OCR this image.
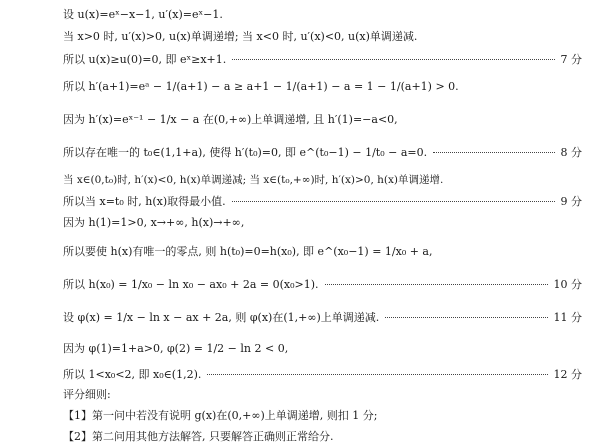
设 u(x)=eˣ−x−1, u′(x)=eˣ−1.
当 x>0 时, u′(x)>0, u(x)单调递增; 当 x<0 时, u′(x)<0, u(x)单调递减.
所以 u(x)≥u(0)=0, 即 eˣ≥x+1.	7 分
所以 h′(a+1)=eᵃ − 1/(a+1) − a ≥ a+1 − 1/(a+1) − a = 1 − 1/(a+1) > 0.
因为 h′(x)=eˣ⁻¹ − 1/x − a 在(0,+∞)上单调递增, 且 h′(1)=−a<0,
所以存在唯一的 t₀∈(1,1+a), 使得 h′(t₀)=0, 即 e^(t₀−1) − 1/t₀ − a=0.	8 分
当 x∈(0,t₀)时, h′(x)<0, h(x)单调递减; 当 x∈(t₀,+∞)时, h′(x)>0, h(x)单调递增.
所以当 x=t₀ 时, h(x)取得最小值.	9 分
因为 h(1)=1>0, x→+∞, h(x)→+∞,
所以要使 h(x)有唯一的零点, 则 h(t₀)=0=h(x₀), 即 e^(x₀−1) = 1/x₀ + a,
所以 h(x₀) = 1/x₀ − ln x₀ − ax₀ + 2a = 0(x₀>1).	10 分
设 φ(x) = 1/x − ln x − ax + 2a, 则 φ(x)在(1,+∞)上单调递减.	11 分
因为 φ(1)=1+a>0, φ(2) = 1/2 − ln 2 < 0,
所以 1<x₀<2, 即 x₀∈(1,2).	12 分
评分细则:
【1】第一问中若没有说明 g(x)在(0,+∞)上单调递增, 则扣 1 分;
【2】第二问用其他方法解答, 只要解答正确则正常给分.
